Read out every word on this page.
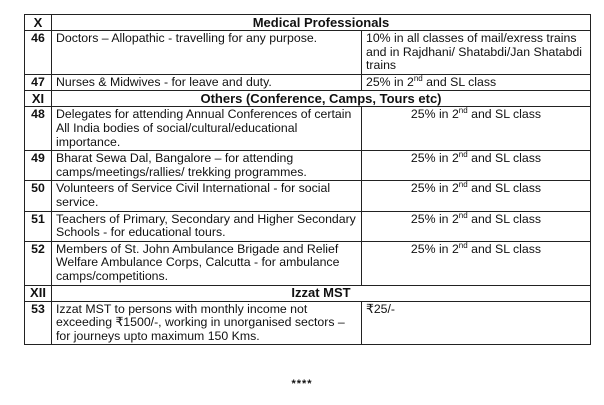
X	Medical Professionals	
46	Doctors – Allopathic - travelling for any purpose.	10% in all classes of mail/exress trains and in Rajdhani/ Shatabdi/Jan Shatabdi trains
47	Nurses & Midwives - for leave and duty.	25% in 2nd and SL class
XI	Others (Conference, Camps, Tours etc)	
48	Delegates for attending Annual Conferences of certain All India bodies of social/cultural/educational importance.	25% in 2nd and SL class
49	Bharat Sewa Dal, Bangalore – for attending camps/meetings/rallies/ trekking programmes.	25% in 2nd and SL class
50	Volunteers of Service Civil International - for social service.	25% in 2nd and SL class
51	Teachers of Primary, Secondary and Higher Secondary Schools - for educational tours.	25% in 2nd and SL class
52	Members of St. John Ambulance Brigade and Relief Welfare Ambulance Corps, Calcutta - for ambulance camps/competitions.	25% in 2nd and SL class
XII	Izzat MST	
53	Izzat MST to persons with monthly income not exceeding ₹1500/-, working in unorganised sectors – for journeys upto maximum 150 Kms.	₹25/-
****
